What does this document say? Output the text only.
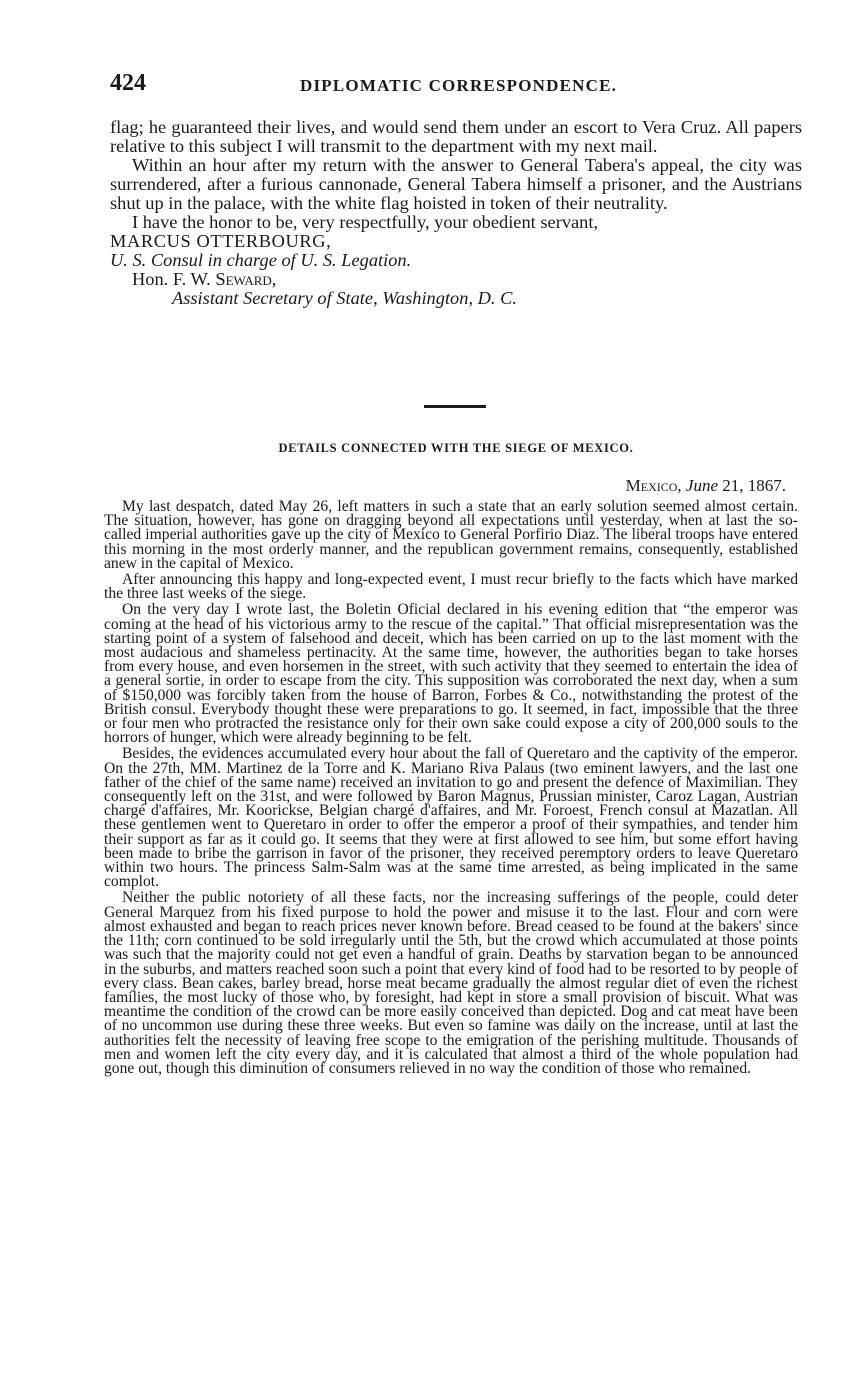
424	DIPLOMATIC CORRESPONDENCE.

flag; he guaranteed their lives, and would send them under an escort to Vera Cruz. All papers relative to this subject I will transmit to the department with my next mail.

Within an hour after my return with the answer to General Tabera's appeal, the city was surrendered, after a furious cannonade, General Tabera himself a prisoner, and the Austrians shut up in the palace, with the white flag hoisted in token of their neutrality.

I have the honor to be, very respectfully, your obedient servant,

MARCUS OTTERBOURG,

U. S. Consul in charge of U. S. Legation.

Hon. F. W. Seward,

Assistant Secretary of State, Washington, D. C.

DETAILS CONNECTED WITH THE SIEGE OF MEXICO.

Mexico, June 21, 1867.

My last despatch, dated May 26, left matters in such a state that an early solution seemed almost certain. The situation, however, has gone on dragging beyond all expectations until yesterday, when at last the so-called imperial authorities gave up the city of Mexico to General Porfirio Diaz. The liberal troops have entered this morning in the most orderly manner, and the republican government remains, consequently, established anew in the capital of Mexico.

After announcing this happy and long-expected event, I must recur briefly to the facts which have marked the three last weeks of the siege.

On the very day I wrote last, the Boletin Oficial declared in his evening edition that “the emperor was coming at the head of his victorious army to the rescue of the capital.” That official misrepresentation was the starting point of a system of falsehood and deceit, which has been carried on up to the last moment with the most audacious and shameless pertinacity. At the same time, however, the authorities began to take horses from every house, and even horsemen in the street, with such activity that they seemed to entertain the idea of a general sortie, in order to escape from the city. This supposition was corroborated the next day, when a sum of $150,000 was forcibly taken from the house of Barron, Forbes & Co., notwithstanding the protest of the British consul. Everybody thought these were preparations to go. It seemed, in fact, impossible that the three or four men who protracted the resistance only for their own sake could expose a city of 200,000 souls to the horrors of hunger, which were already beginning to be felt.

Besides, the evidences accumulated every hour about the fall of Queretaro and the captivity of the emperor. On the 27th, MM. Martinez de la Torre and K. Mariano Riva Palaus (two eminent lawyers, and the last one father of the chief of the same name) received an invitation to go and present the defence of Maximilian. They consequently left on the 31st, and were followed by Baron Magnus, Prussian minister, Caroz Lagan, Austrian chargé d'affaires, Mr. Koorickse, Belgian chargé d'affaires, and Mr. Foroest, French consul at Mazatlan. All these gentlemen went to Queretaro in order to offer the emperor a proof of their sympathies, and tender him their support as far as it could go. It seems that they were at first allowed to see him, but some effort having been made to bribe the garrison in favor of the prisoner, they received peremptory orders to leave Queretaro within two hours. The princess Salm-Salm was at the same time arrested, as being implicated in the same complot.

Neither the public notoriety of all these facts, nor the increasing sufferings of the people, could deter General Marquez from his fixed purpose to hold the power and misuse it to the last. Flour and corn were almost exhausted and began to reach prices never known before. Bread ceased to be found at the bakers' since the 11th; corn continued to be sold irregularly until the 5th, but the crowd which accumulated at those points was such that the majority could not get even a handful of grain. Deaths by starvation began to be announced in the suburbs, and matters reached soon such a point that every kind of food had to be resorted to by people of every class. Bean cakes, barley bread, horse meat became gradually the almost regular diet of even the richest families, the most lucky of those who, by foresight, had kept in store a small provision of biscuit. What was meantime the condition of the crowd can be more easily conceived than depicted. Dog and cat meat have been of no uncommon use during these three weeks. But even so famine was daily on the increase, until at last the authorities felt the necessity of leaving free scope to the emigration of the perishing multitude. Thousands of men and women left the city every day, and it is calculated that almost a third of the whole population had gone out, though this diminution of consumers relieved in no way the condition of those who remained.
